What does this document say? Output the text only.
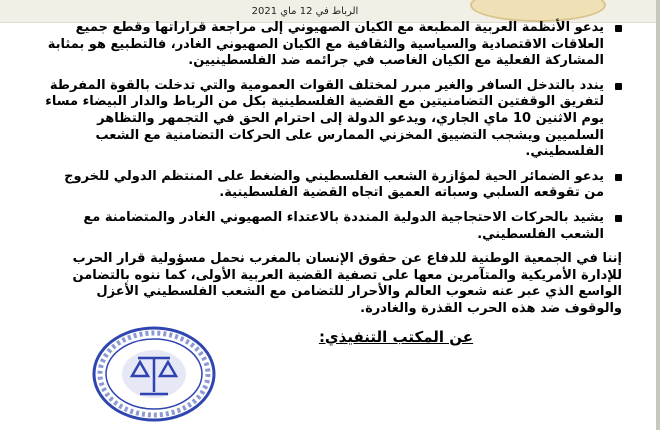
الرباط في 12 ماي 2021
يدعو الأنظمة العربية المطبعة مع الكيان الصهيوني إلى مراجعة قراراتها وقطع جميع العلاقات الاقتصادية والسياسية والثقافية مع الكيان الصهيوني الغادر، فالتطبيع هو بمثابة المشاركة الفعلية مع الكيان الغاصب في جرائمه ضد الفلسطينيين.
يندد بالتدخل السافر والغير مبرر لمختلف القوات العمومية والتي تدخلت بالقوة المفرطة لتفريق الوقفتين التضامنيتين مع القضية الفلسطينية بكل من الرباط والدار البيضاء مساء يوم الاثنين 10 ماي الجاري، ويدعو الدولة إلى احترام الحق في التجمهر والتظاهر السلميين ويشجب التضييق المخزني الممارس على الحركات التضامنية مع الشعب الفلسطيني.
يدعو الضمائر الحية لمؤازرة الشعب الفلسطيني والضغط على المنتظم الدولي للخروج من تقوقعه السلبي وسباته العميق اتجاه القضية الفلسطينية.
يشيد بالحركات الاحتجاجية الدولية المنددة بالاعتداء الصهيوني الغادر والمتضامنة مع الشعب الفلسطيني.
إننا في الجمعية الوطنية للدفاع عن حقوق الإنسان بالمغرب نحمل مسؤولية قرار الحرب للإدارة الأمريكية والمتآمرين معها على تصفية القضية العربية الأولى، كما ننوه بالتضامن الواسع الذي عبر عنه شعوب العالم والأحرار للتضامن مع الشعب الفلسطيني الأعزل والوقوف ضد هذه الحرب القذرة والغادرة.
عن المكتب التنفيذي:
